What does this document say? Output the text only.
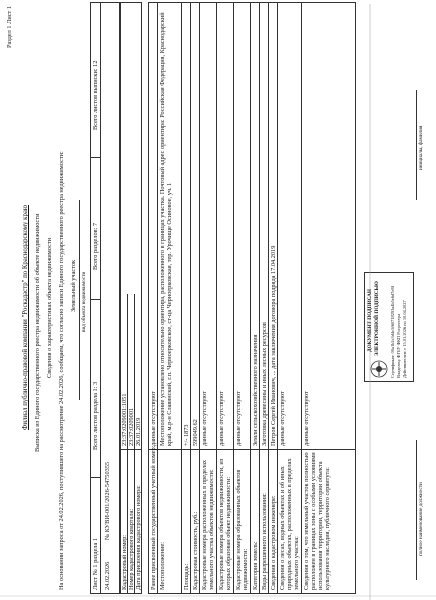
Раздел 1 Лист 1
Филиал публично-правовой компании "Роскадастр" по Краснодарскому краю Выписка из Единого государственного реестра недвижимости об объекте недвижимости Сведения о характеристиках объекта недвижимости На основании запроса от 24.02.2026, поступившего на рассмотрение 24.02.2026, сообщаем, что согласно записи Единого государственного реестра недвижимости: Земельный участок вид объекта недвижимости
Лист № 1 раздела 1
Всего листов раздела 1: 3
Всего разделов: 7
Всего листов выписки: 12
24.02.2026
№ КУВИ-001/2026-54750355
Кадастровый номер:
23:37:0209001:1051
Номер кадастрового квартала:
23:37:0209001
Дата присвоения кадастрового номера:
26.01.2019
Ранее присвоенный государственный учетный номер:
данные отсутствуют
Местоположение:
Местоположение установлено относительно ориентира, расположенного в границах участка. Почтовый адрес ориентира: Российская Федерация, Краснодарский край, м.р-н Славянский, г.п. Черноерковское, ст-ца Черноерковская, тер. Урочище Осиновое, уч. 1
Площадь:
+/- 1873
Кадастровая стоимость, руб.:
599049.62
Кадастровые номера расположенных в пределах земельного участка объектов недвижимости:
данные отсутствуют
Кадастровые номера объектов недвижимости, из которых образован объект недвижимости:
данные отсутствуют
Кадастровые номера образованных объектов недвижимости:
данные отсутствуют
Категория земель:
Земли сельскохозяйственного назначения
Виды разрешенного использования:
Заготовка древесины и иных лесных ресурсов
Сведения о кадастровом инженере:
Петров Сергей Иванович, ... дата заключения договора подряда 17.04.2019
Сведения о лесах, водных объектах и об иных природных объектах, расположенных в пределах земельного участка:
данные отсутствуют
Сведения о том, что земельный участок полностью расположен в границах зоны с особыми условиями использования территории, территории объекта культурного наследия, публичного сервитута:
данные отсутствуют
ДОКУМЕНТ ПОДПИСАН ЭЛЕКТРОННОЙ ПОДПИСЬЮ Сертификат: 00a1b2c3d4e5f60718293a4b5c6d7e8f Владелец: ФГБУ ФКП Росреестра Действителен: с 15.01.2026 по 10.04.2027
полное наименование должности
инициалы, фамилия
